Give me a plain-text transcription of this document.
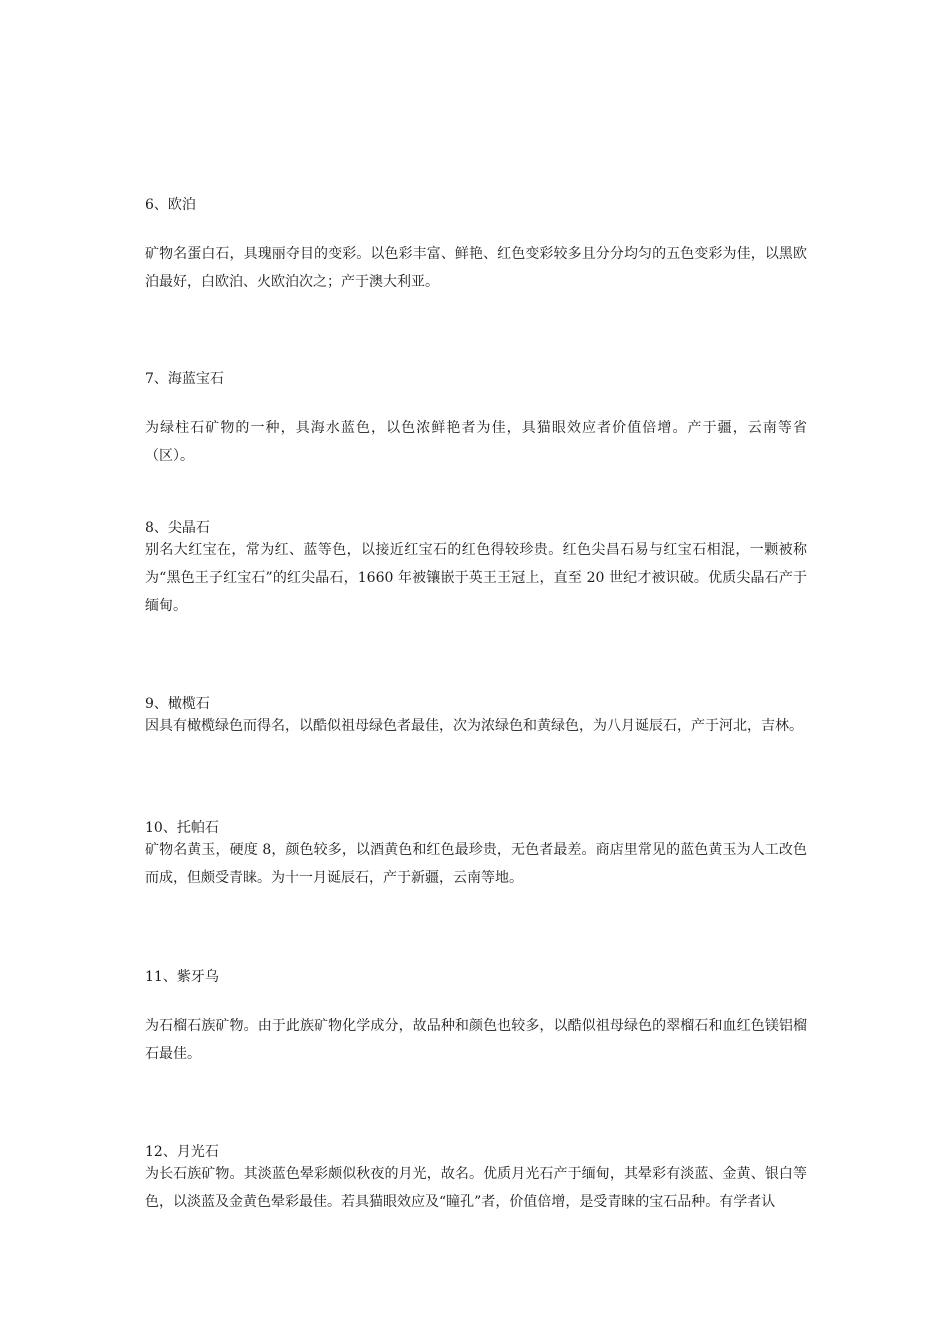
6、欧泊
矿物名蛋白石，具瑰丽夺目的变彩。以色彩丰富、鲜艳、红色变彩较多且分分均匀的五色变彩为佳，以黑欧泊最好，白欧泊、火欧泊次之；产于澳大利亚。
7、海蓝宝石
为绿柱石矿物的一种，具海水蓝色，以色浓鲜艳者为佳，具猫眼效应者价值倍增。产于疆，云南等省（区）。
8、尖晶石
别名大红宝在，常为红、蓝等色，以接近红宝石的红色得较珍贵。红色尖昌石易与红宝石相混，一颗被称为“黑色王子红宝石”的红尖晶石，1660 年被镶嵌于英王王冠上，直至 20 世纪才被识破。优质尖晶石产于缅甸。
9、橄榄石
因具有橄榄绿色而得名，以酷似祖母绿色者最佳，次为浓绿色和黄绿色，为八月诞辰石，产于河北，吉林。
10、托帕石
矿物名黄玉，硬度 8，颜色较多，以酒黄色和红色最珍贵，无色者最差。商店里常见的蓝色黄玉为人工改色而成，但颇受青睐。为十一月诞辰石，产于新疆，云南等地。
11、紫牙乌
为石榴石族矿物。由于此族矿物化学成分，故品种和颜色也较多，以酷似祖母绿色的翠榴石和血红色镁铝榴石最佳。
12、月光石
为长石族矿物。其淡蓝色晕彩颇似秋夜的月光，故名。优质月光石产于缅甸，其晕彩有淡蓝、金黄、银白等色，以淡蓝及金黄色晕彩最佳。若具猫眼效应及“瞳孔”者，价值倍增，是受青睐的宝石品种。有学者认
